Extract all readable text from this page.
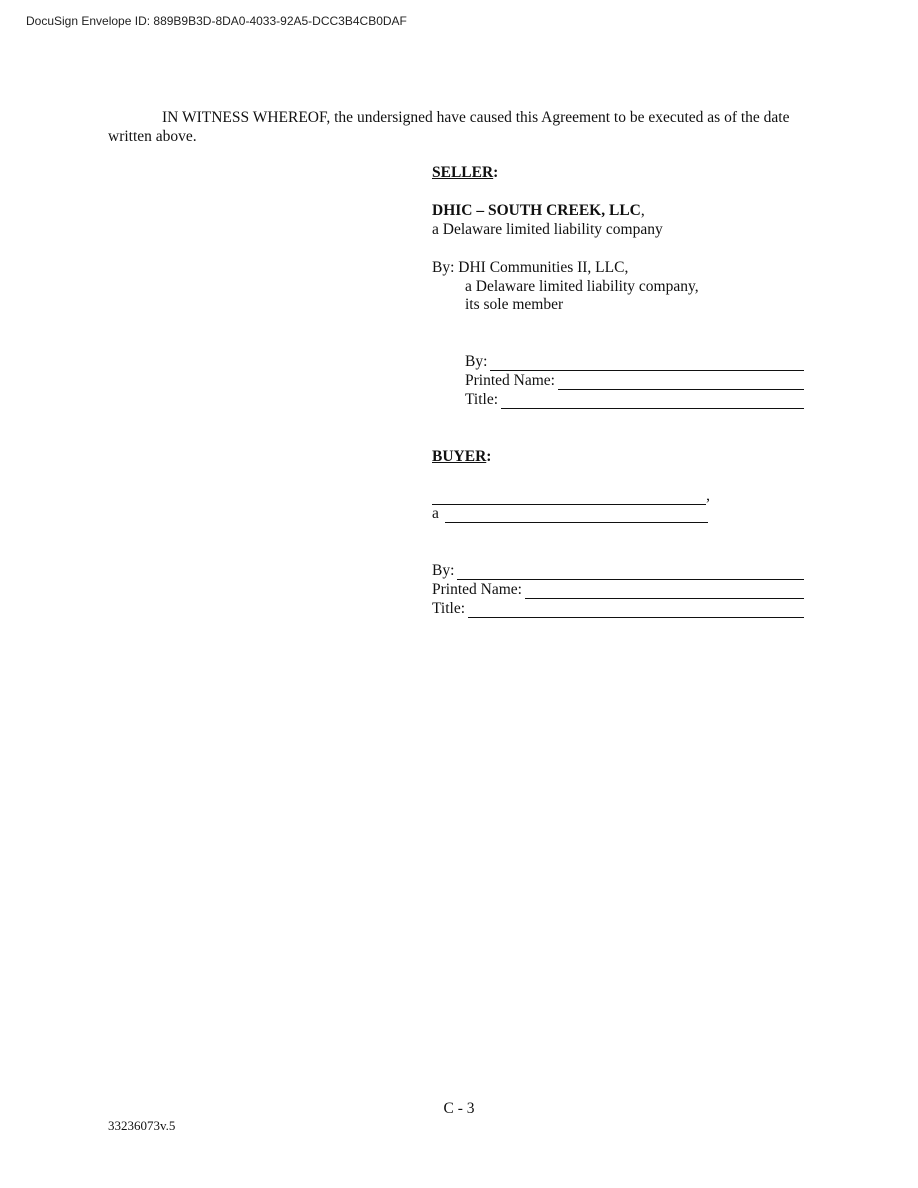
DocuSign Envelope ID: 889B9B3D-8DA0-4033-92A5-DCC3B4CB0DAF
IN WITNESS WHEREOF, the undersigned have caused this Agreement to be executed as of the date written above.
SELLER:
DHIC – SOUTH CREEK, LLC,
a Delaware limited liability company
By: DHI Communities II, LLC,
a Delaware limited liability company,
its sole member
By:
Printed Name:
Title:
BUYER:
,
a
By:
Printed Name:
Title:
C - 3
33236073v.5
